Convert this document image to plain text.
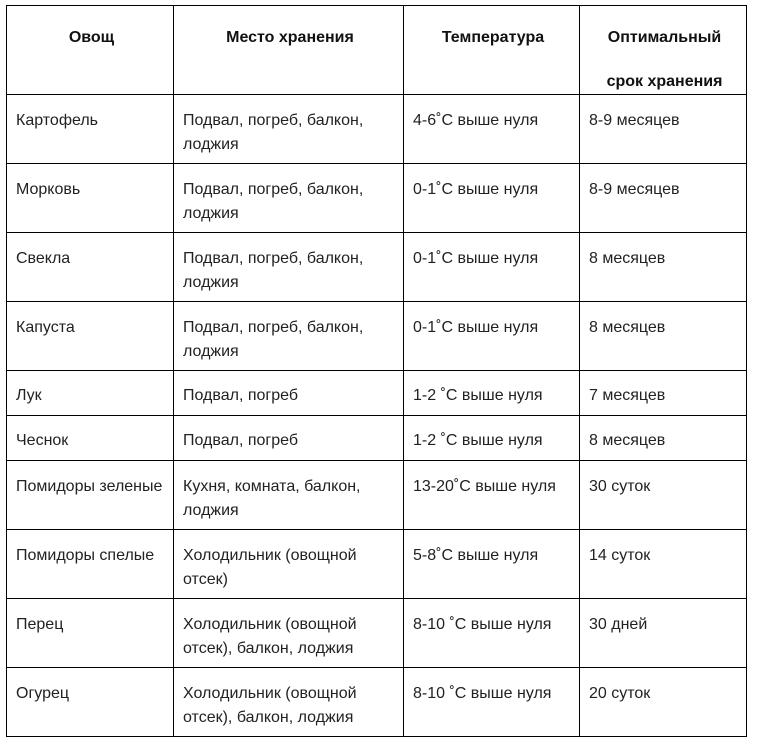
Овощ	Место хранения	Температура	Оптимальный
срок хранения

Картофель	Подвал, погреб, балкон, лоджия	4-6˚С выше нуля	8-9 месяцев
Морковь	Подвал, погреб, балкон, лоджия	0-1˚С выше нуля	8-9 месяцев
Свекла	Подвал, погреб, балкон, лоджия	0-1˚С выше нуля	8 месяцев
Капуста	Подвал, погреб, балкон, лоджия	0-1˚С выше нуля	8 месяцев
Лук	Подвал, погреб	1-2 ˚С выше нуля	7 месяцев
Чеснок	Подвал, погреб	1-2 ˚С выше нуля	8 месяцев
Помидоры зеленые	Кухня, комната, балкон, лоджия	13-20˚С выше нуля	30 суток
Помидоры спелые	Холодильник (овощной отсек)	5-8˚С выше нуля	14 суток
Перец	Холодильник (овощной отсек), балкон, лоджия	8-10 ˚С выше нуля	30 дней
Огурец	Холодильник (овощной отсек), балкон, лоджия	8-10 ˚С выше нуля	20 суток
